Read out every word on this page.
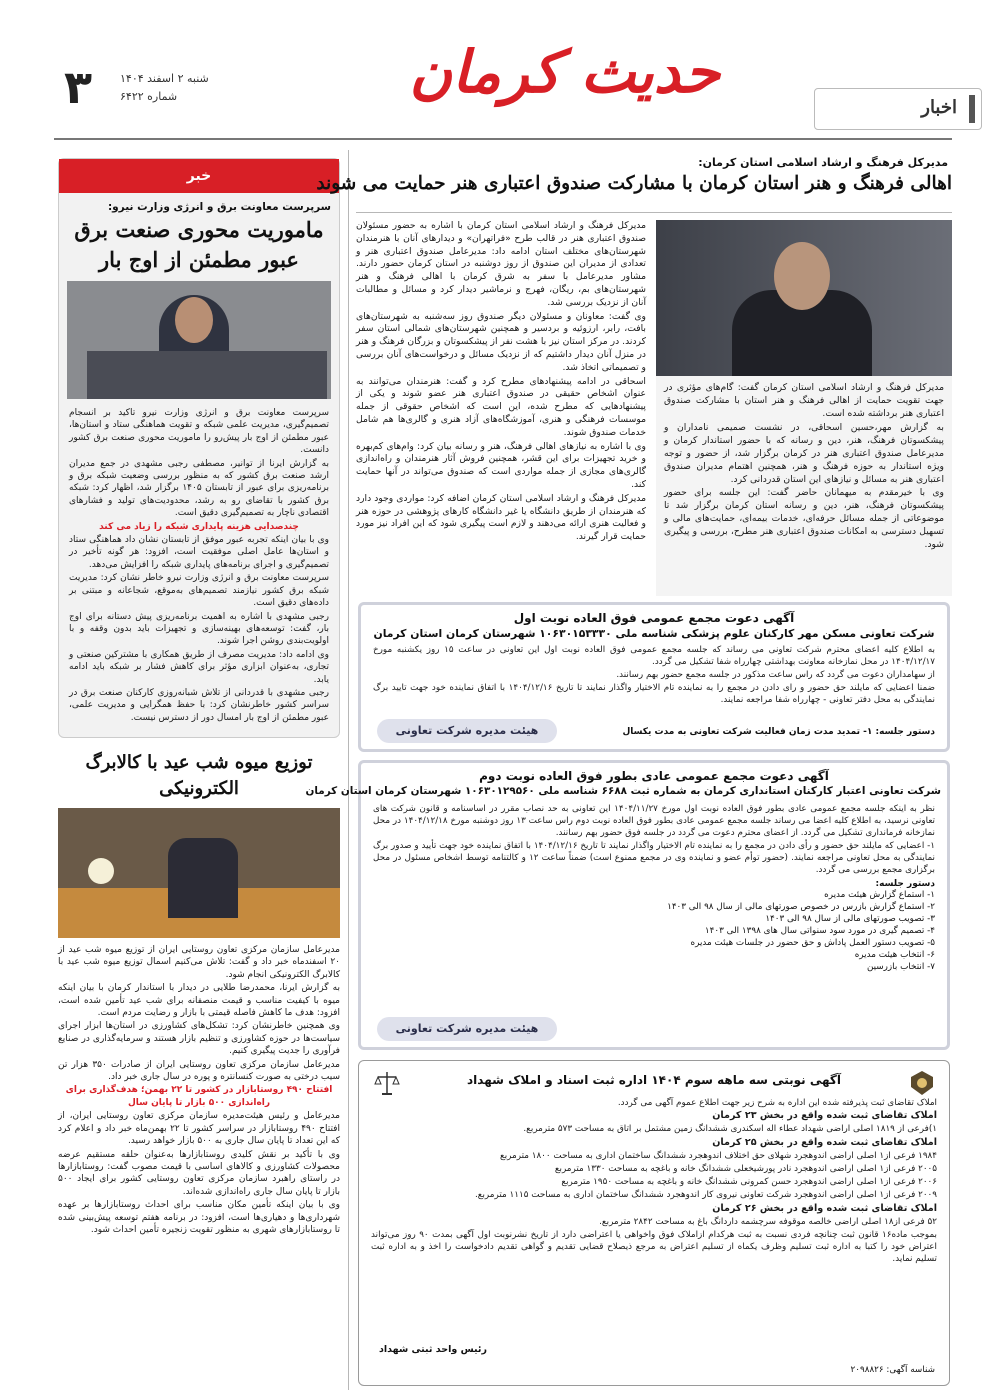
اخبار
حدیث کرمان
۳	شنبه ۲ اسفند ۱۴۰۴
شماره ۶۴۲۲
خبر
سرپرست معاونت برق و انرژی وزارت نیرو:
ماموریت محوری صنعت برق عبور مطمئن از اوج بار

سرپرست معاونت برق و انرژی وزارت نیرو تاکید بر انسجام تصمیم‌گیری، مدیریت علمی شبکه و تقویت هماهنگی ستاد و استان‌ها، عبور مطمئن از اوج بار پیش‌رو را ماموریت محوری صنعت برق کشور دانست.

به گزارش ایرنا از توانیر، مصطفی رجبی مشهدی در جمع مدیران ارشد صنعت برق کشور که به منظور بررسی وضعیت شبکه برق و برنامه‌ریزی برای عبور از تابستان ۱۴۰۵ برگزار شد، اظهار کرد: شبکه برق کشور با تقاضای رو به رشد، محدودیت‌های تولید و فشارهای اقتصادی ناچار به تصمیم‌گیری دقیق است.

چندصدایی هزینه پایداری شبکه را زیاد می کند

وی با بیان اینکه تجربه عبور موفق از تابستان نشان داد هماهنگی ستاد و استان‌ها عامل اصلی موفقیت است، افزود: هر گونه تأخیر در تصمیم‌گیری و اجرای برنامه‌های پایداری شبکه را افزایش می‌دهد.

سرپرست معاونت برق و انرژی وزارت نیرو خاطر نشان کرد: مدیریت شبکه برق کشور نیازمند تصمیم‌های به‌موقع، شجاعانه و مبتنی بر داده‌های دقیق است.

رجبی مشهدی با اشاره به اهمیت برنامه‌ریزی پیش دستانه برای اوج بار، گفت: توسعه‌های بهینه‌سازی و تجهیزات باید بدون وقفه و با اولویت‌بندی روشن اجرا شوند.

وی ادامه داد: مدیریت مصرف از طریق همکاری با مشترکین صنعتی و تجاری، به‌عنوان ابزاری مؤثر برای کاهش فشار بر شبکه باید ادامه یابد.

رجبی مشهدی با قدردانی از تلاش شبانه‌روزی کارکنان صنعت برق در سراسر کشور خاطرنشان کرد: با حفظ همگرایی و مدیریت علمی، عبور مطمئن از اوج بار امسال دور از دسترس نیست.

توزیع میوه شب عید با کالابرگ الکترونیکی

مدیرعامل سازمان مرکزی تعاون روستایی ایران از توزیع میوه شب عید از ۲۰ اسفندماه خبر داد و گفت: تلاش می‌کنیم اسمال توزیع میوه شب عید با کالابرگ الکترونیکی انجام شود.

به گزارش ایرنا، محمدرضا طلایی در دیدار با استاندار کرمان با بیان اینکه میوه با کیفیت مناسب و قیمت منصفانه برای شب عید تأمین شده است، افزود: هدف ما کاهش فاصله قیمتی با بازار و رضایت مردم است.

وی همچنین خاطرنشان کرد: تشکل‌های کشاورزی در استان‌ها ابزار اجرای سیاست‌ها در حوزه کشاورزی و تنظیم بازار هستند و سرمایه‌گذاری در صنایع فرآوری را جدیت پیگیری کنیم.

مدیرعامل سازمان مرکزی تعاون روستایی ایران از صادرات ۳۵۰ هزار تن سیب درختی به صورت کنسانتره و پوره در سال جاری خبر داد.

افتتاح ۴۹۰ روستابازار در کشور تا ۲۲ بهمن؛ هدف‌گذاری برای راه‌اندازی ۵۰۰ بازار تا پایان سال

مدیرعامل و رئیس هیئت‌مدیره سازمان مرکزی تعاون روستایی ایران، از افتتاح ۴۹۰ روستابازار در سراسر کشور تا ۲۲ بهمن‌ماه خبر داد و اعلام کرد که این تعداد تا پایان سال جاری به ۵۰۰ بازار خواهد رسید.

وی با تأکید بر نقش کلیدی روستابازارها به‌عنوان حلقه مستقیم عرضه محصولات کشاورزی و کالاهای اساسی با قیمت مصوب گفت: روستابازارها در راستای راهبرد سازمان مرکزی تعاون روستایی کشور برای ایجاد ۵۰۰ بازار تا پایان سال جاری راه‌اندازی شده‌اند.

وی با بیان اینکه تأمین مکان مناسب برای احداث روستابازارها بر عهده شهرداری‌ها و دهیاری‌ها است، افزود: در برنامه هفتم توسعه پیش‌بینی شده تا روستابازارهای شهری به منظور تقویت زنجیره تأمین احداث شود.

مدیرکل فرهنگ و ارشاد اسلامی استان کرمان:
اهالی فرهنگ و هنر استان کرمان با مشارکت صندوق اعتباری هنر حمایت می شوند
مدیرکل فرهنگ و ارشاد اسلامی استان کرمان گفت: گام‌های مؤثری در جهت تقویت حمایت از اهالی فرهنگ و هنر استان با مشارکت صندوق اعتباری هنر برداشته شده است.

به گزارش مهر،حسین اسحاقی، در نشست صمیمی نامداران و پیشکسوتان فرهنگ، هنر، دین و رسانه که با حضور استاندار کرمان و مدیرعامل صندوق اعتباری هنر در کرمان برگزار شد، از حضور و توجه ویژه استاندار به حوزه فرهنگ و هنر، همچنین اهتمام مدیران صندوق اعتباری هنر به مسائل و نیازهای این استان قدردانی کرد.

وی با خیرمقدم به میهمانان حاضر گفت: این جلسه برای حضور پیشکسوتان فرهنگ، هنر، دین و رسانه استان کرمان برگزار شد تا موضوعاتی از جمله مسائل حرفه‌ای، خدمات بیمه‌ای، حمایت‌های مالی و تسهیل دسترسی به امکانات صندوق اعتباری هنر مطرح، بررسی و پیگیری شود.

مدیرکل فرهنگ و ارشاد اسلامی استان کرمان با اشاره به حضور مسئولان صندوق اعتباری هنر در قالب طرح «فراتهران» و دیدارهای آنان با هنرمندان شهرستان‌های مختلف استان ادامه داد: مدیرعامل صندوق اعتباری هنر و تعدادی از مدیران این صندوق از روز دوشنبه در استان کرمان حضور دارند. مشاور مدیرعامل با سفر به شرق کرمان با اهالی فرهنگ و هنر شهرستان‌های بم، ریگان، فهرج و نرماشیر دیدار کرد و مسائل و مطالبات آنان از نزدیک بررسی شد.

وی گفت: معاونان و مسئولان دیگر صندوق روز سه‌شنبه به شهرستان‌های بافت، رابر، ارزوئیه و بردسیر و همچنین شهرستان‌های شمالی استان سفر کردند. در مرکز استان نیز با هشت نفر از پیشکسوتان و بزرگان فرهنگ و هنر در منزل آنان دیدار داشتیم که از نزدیک مسائل و درخواست‌های آنان بررسی و تصمیماتی اتخاذ شد.

اسحاقی در ادامه پیشنهادهای مطرح کرد و گفت: هنرمندان می‌توانند به عنوان اشخاص حقیقی در صندوق اعتباری هنر عضو شوند و یکی از پیشنهادهایی که مطرح شده، این است که اشخاص حقوقی از جمله موسسات فرهنگی و هنری، آموزشگاه‌های آزاد هنری و گالری‌ها هم شامل خدمات صندوق شوند.

وی با اشاره به نیازهای اهالی فرهنگ، هنر و رسانه بیان کرد: وام‌های کم‌بهره و خرید تجهیزات برای این قشر، همچنین فروش آثار هنرمندان و راه‌اندازی گالری‌های مجازی از جمله مواردی است که صندوق می‌تواند در آنها حمایت کند.

مدیرکل فرهنگ و ارشاد اسلامی استان کرمان اضافه کرد: مواردی وجود دارد که هنرمندان از طریق دانشگاه یا غیر دانشگاه کارهای پژوهشی در حوزه هنر و فعالیت هنری ارائه می‌دهند و لازم است پیگیری شود که این افراد نیز مورد حمایت قرار گیرند.

آگهی دعوت مجمع عمومی فوق العاده نوبت اول
شرکت تعاونی مسکن مهر کارکنان علوم پزشکی شناسه ملی ۱۰۶۳۰۱۵۳۳۳۰ شهرستان کرمان استان کرمان

به اطلاع کلیه اعضای محترم شرکت تعاونی می رساند که جلسه مجمع عمومی فوق العاده نوبت اول این تعاونی در ساعت ۱۵ روز یکشنبه مورخ ۱۴۰۴/۱۲/۱۷ در محل نمازخانه معاونت بهداشتی چهارراه شفا تشکیل می گردد.

از سهامداران دعوت می گردد که راس ساعت مذکور در جلسه مجمع حضور بهم رسانند.

ضمنا اعضایی که مایلند حق حضور و رای دادن در مجمع را به نماینده تام الاختیار واگذار نمایند تا تاریخ ۱۴۰۴/۱۲/۱۶ با اتفاق نماینده خود جهت تایید برگ نمایندگی به محل دفتر تعاونی - چهارراه شفا مراجعه نمایند.

دستور جلسه: ۱- تمدید مدت زمان فعالیت شرکت تعاونی به مدت یکسال
هیئت مدیره شرکت تعاونی
آگهی دعوت مجمع عمومی عادی بطور فوق العاده نوبت دوم
شرکت تعاونی اعتبار کارکنان استانداری کرمان به شماره ثبت ۶۶۸۸ شناسه ملی ۱۰۶۳۰۱۲۹۵۶۰ شهرستان کرمان استان کرمان

نظر به اینکه جلسه مجمع عمومی عادی بطور فوق العاده نوبت اول مورخ ۱۴۰۴/۱۱/۲۷ این تعاونی به حد نصاب مقرر در اساسنامه و قانون شرکت های تعاونی نرسید، به اطلاع کلیه اعضا می رساند جلسه مجمع عمومی عادی بطور فوق العاده نوبت دوم راس ساعت ۱۳ روز دوشنبه مورخ ۱۴۰۴/۱۲/۱۸ در محل نمازخانه فرمانداری تشکیل می گردد. از اعضای محترم دعوت می گردد در جلسه فوق حضور بهم رسانند.

۱- اعضایی که مایلند حق حضور و رأی دادن در مجمع را به نماینده تام الاختیار واگذار نمایند تا تاریخ ۱۴۰۴/۱۲/۱۶ با اتفاق نماینده خود جهت تأیید و صدور برگ نمایندگی به محل تعاونی مراجعه نمایند. (حضور توأم عضو و نماینده وی در مجمع ممنوع است) ضمناً ساعت ۱۲ و کالتنامه توسط اشخاص مسئول در محل برگزاری مجمع بررسی می گردد.

دستور جلسه:
۱- استماع گزارش هیئت مدیره
۲- استماع گزارش بازرس در خصوص صورتهای مالی از سال ۹۸ الی ۱۴۰۳
۳- تصویب صورتهای مالی از سال ۹۸ الی ۱۴۰۳
۴- تصمیم گیری در مورد سود سنواتی سال های ۱۳۹۸ الی ۱۴۰۳
۵- تصویب دستور العمل پاداش و حق حضور در جلسات هیئت مدیره
۶- انتخاب هیئت مدیره
۷- انتخاب بازرسین
هیئت مدیره شرکت تعاونی
آگهی نوبتی سه ماهه سوم ۱۴۰۴ اداره ثبت اسناد و املاک شهداد

املاک تقاضای ثبت پذیرفته شده این اداره به شرح زیر جهت اطلاع عموم آگهی می گردد.

املاک تقاضای ثبت شده واقع در بخش ۲۳ کرمان

۱)فرعی از ۱۸۱۹ اصلی اراضی شهداد عطاء اله اسکندری ششدانگ زمین مشتمل بر اتاق به مساحت ۵۷۳ مترمربع.

املاک تقاضای ثبت شده واقع در بخش ۲۵ کرمان

۱۹۸۴ فرعی از۱ اصلی اراضی اندوهجرد شهلای حق اختلاف اندوهجرد ششدانگ ساختمان اداری به مساحت ۱۸۰۰ مترمربع

۲۰۰۵ فرعی از۱ اصلی اراضی اندوهجرد نادر پورشیخعلی ششدانگ خانه و باغچه به مساحت ۱۳۳۰ مترمربع

۲۰۰۶ فرعی از۱ اصلی اراضی اندوهجرد حسن کمرونی ششدانگ خانه و باغچه به مساحت ۱۹۵۰ مترمربع

۲۰۰۹ فرعی از۱ اصلی اراضی اندوهجرد شرکت تعاونی نیروی کار اندوهجرد ششدانگ ساختمان اداری به مساحت ۱۱۱۵ مترمربع.

املاک تقاضای ثبت شده واقع در بخش ۲۶ کرمان

۵۲ فرعی از۱۸ اصلی اراضی خالصه موقوفه سرچشمه داردانگ باغ به مساحت ۲۸۴۲ مترمربع.

بموجب ماده۱۶ قانون ثبت چنانچه فردی نسبت به ثبت هرکدام ازاملاک فوق واخواهی یا اعتراضی دارد از تاریخ نشرنوبت اول آگهی بمدت ۹۰ روز می‌تواند اعتراض خود را کتبا به اداره ثبت تسلیم وظرف یکماه از تسلیم اعتراض به مرجع ذیصلاح قضایی تقدیم و گواهی تقدیم دادخواست را اخذ و به اداره ثبت تسلیم نماید.

رئیس واحد ثبتی شهداد
شناسه آگهی: ۲۰۹۸۸۲۶
